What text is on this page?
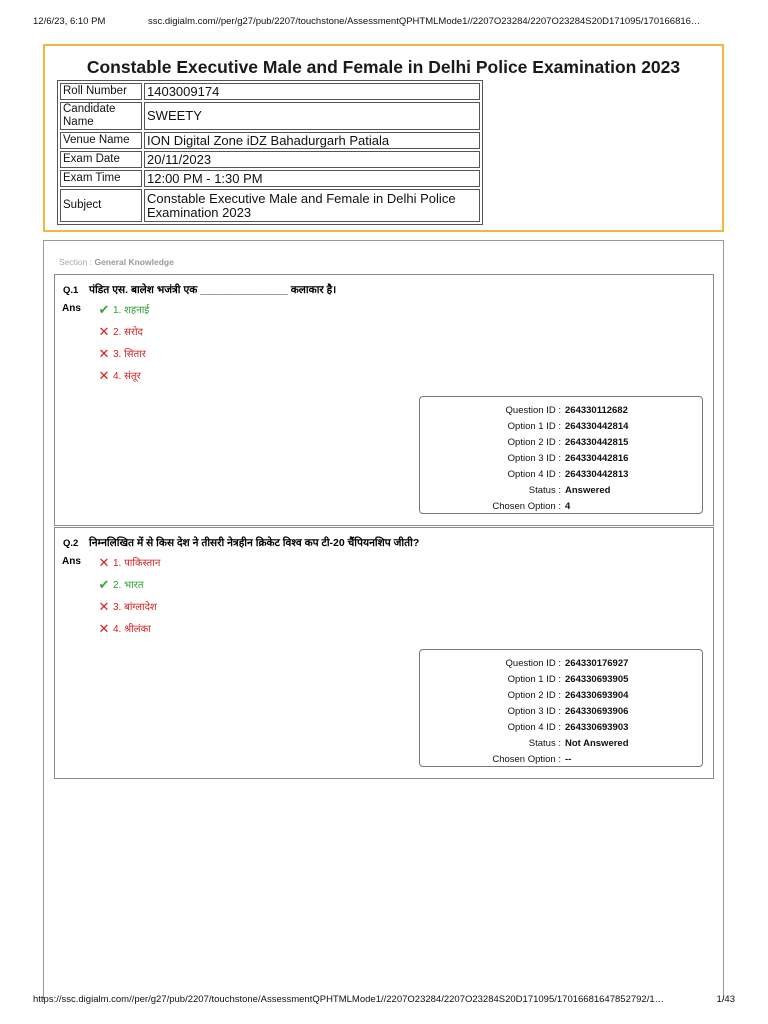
12/6/23, 6:10 PM	ssc.digialm.com//per/g27/pub/2207/touchstone/AssessmentQPHTMLMode1//2207O23284/2207O23284S20D171095/170166816…
Constable Executive Male and Female in Delhi Police Examination 2023
Roll Number	1403009174
Candidate Name	SWEETY
Venue Name	ION Digital Zone iDZ Bahadurgarh Patiala
Exam Date	20/11/2023
Exam Time	12:00 PM - 1:30 PM
Subject	Constable Executive Male and Female in Delhi Police Examination 2023
Section : General Knowledge
Q.1 पंडित एस. बालेश भजंत्री एक _______________ कलाकार है।
Ans ✔ 1. शहनाई
✕ 2. सरोद
✕ 3. सितार
✕ 4. संतूर
Question ID : 264330112682
Option 1 ID : 264330442814
Option 2 ID : 264330442815
Option 3 ID : 264330442816
Option 4 ID : 264330442813
Status : Answered
Chosen Option : 4
Q.2 निम्नलिखित में से किस देश ने तीसरी नेत्रहीन क्रिकेट विश्व कप टी-20 चैंपियनशिप जीती?
Ans ✕ 1. पाकिस्तान
✔ 2. भारत
✕ 3. बांग्लादेश
✕ 4. श्रीलंका
Question ID : 264330176927
Option 1 ID : 264330693905
Option 2 ID : 264330693904
Option 3 ID : 264330693906
Option 4 ID : 264330693903
Status : Not Answered
Chosen Option : --
https://ssc.digialm.com//per/g27/pub/2207/touchstone/AssessmentQPHTMLMode1//2207O23284/2207O23284S20D171095/17016681647852792/1…	1/43
